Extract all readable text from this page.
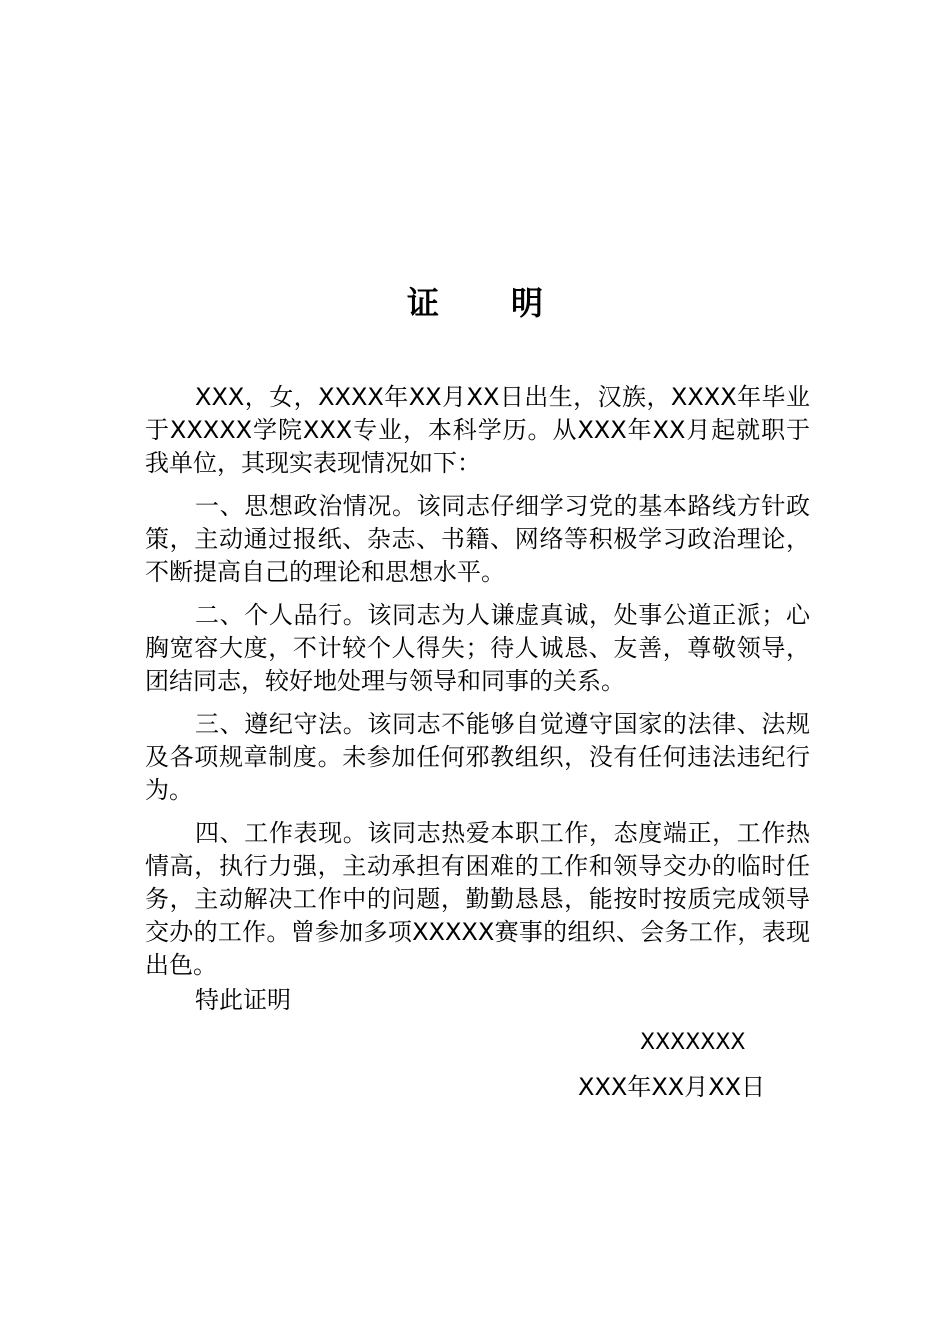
证 明

XXX，女，XXXX年XX月XX日出生，汉族，XXXX年毕业于XXXXX学院XXX专业，本科学历。从XXX年XX月起就职于我单位，其现实表现情况如下：

一、思想政治情况。该同志仔细学习党的基本路线方针政策，主动通过报纸、杂志、书籍、网络等积极学习政治理论，不断提高自己的理论和思想水平。

二、个人品行。该同志为人谦虚真诚，处事公道正派；心胸宽容大度，不计较个人得失；待人诚恳、友善，尊敬领导，团结同志，较好地处理与领导和同事的关系。

三、遵纪守法。该同志不能够自觉遵守国家的法律、法规及各项规章制度。未参加任何邪教组织，没有任何违法违纪行为。

四、工作表现。该同志热爱本职工作，态度端正，工作热情高，执行力强，主动承担有困难的工作和领导交办的临时任务，主动解决工作中的问题，勤勤恳恳，能按时按质完成领导交办的工作。曾参加多项XXXXX赛事的组织、会务工作，表现出色。

特此证明
XXXXXXX
XXX年XX月XX日
